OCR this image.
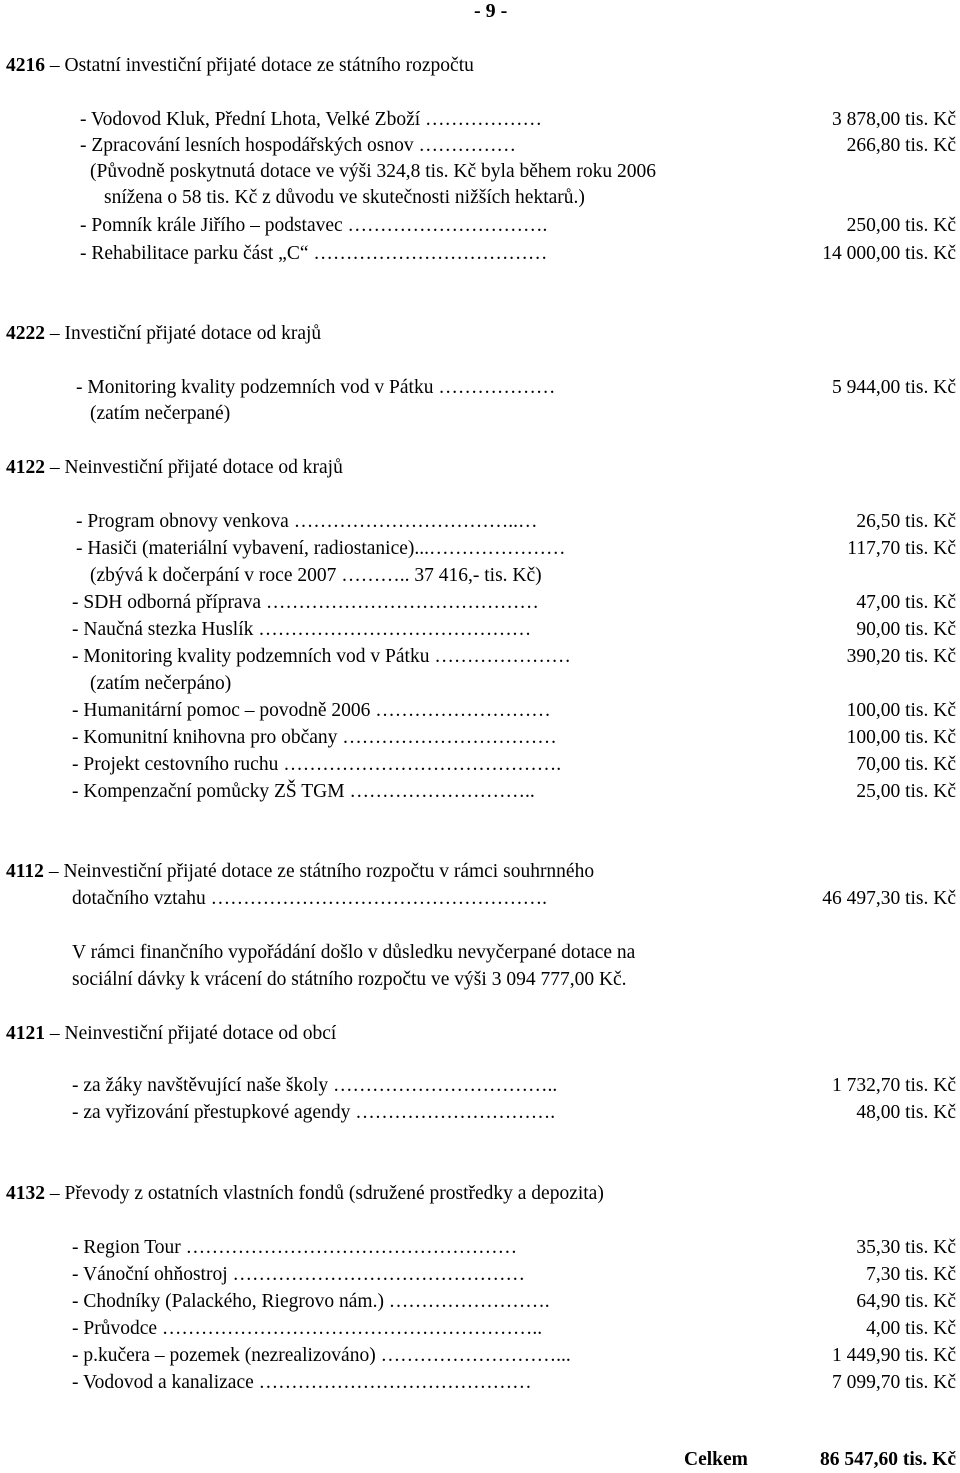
- 9 -
4216 – Ostatní investiční přijaté dotace ze státního rozpočtu
- Vodovod Kluk, Přední Lhota, Velké Zboží ………………	3 878,00 tis. Kč
- Zpracování lesních hospodářských osnov ……………	266,80 tis. Kč
(Původně poskytnutá dotace ve výši 324,8 tis. Kč byla během roku 2006
snížena o 58 tis. Kč z důvodu ve skutečnosti nižších hektarů.)
- Pomník krále Jiřího – podstavec ………………………….	250,00 tis. Kč
- Rehabilitace parku část „C“ ………………………………	14 000,00 tis. Kč
4222 – Investiční přijaté dotace od krajů
- Monitoring kvality podzemních vod v Pátku ………………	5 944,00 tis. Kč
(zatím nečerpané)
4122 – Neinvestiční přijaté dotace od krajů
- Program obnovy venkova ……………………………..…	26,50 tis. Kč
- Hasiči (materiální vybavení, radiostanice)...…………………	117,70 tis. Kč
(zbývá k dočerpání v roce 2007 ……….. 37 416,- tis. Kč)
- SDH odborná příprava ……………………………………	47,00 tis. Kč
- Naučná stezka Huslík ……………………………………	90,00 tis. Kč
- Monitoring kvality podzemních vod v Pátku …………………	390,20 tis. Kč
(zatím nečerpáno)
- Humanitární pomoc – povodně 2006 ………………………	100,00 tis. Kč
- Komunitní knihovna pro občany ……………………………	100,00 tis. Kč
- Projekt cestovního ruchu …………………………………….	70,00 tis. Kč
- Kompenzační pomůcky ZŠ TGM ………………………..	25,00 tis. Kč
4112 – Neinvestiční přijaté dotace ze státního rozpočtu v rámci souhrnného
dotačního vztahu …………………………………………….	46 497,30 tis. Kč
V rámci finančního vypořádání došlo v důsledku nevyčerpané dotace na
sociální dávky k vrácení do státního rozpočtu ve výši 3 094 777,00 Kč.
4121 – Neinvestiční přijaté dotace od obcí
- za žáky navštěvující naše školy ……………………………..	1 732,70 tis. Kč
- za vyřizování přestupkové agendy ………………………….	48,00 tis. Kč
4132 – Převody z ostatních vlastních fondů (sdružené prostředky a depozita)
- Region Tour ……………………………………………	35,30 tis. Kč
- Vánoční ohňostroj ………………………………………	7,30 tis. Kč
- Chodníky (Palackého, Riegrovo nám.) …………………….	64,90 tis. Kč
- Průvodce …………………………………………………..	4,00 tis. Kč
- p.kučera – pozemek (nezrealizováno) ………………………...	1 449,90 tis. Kč
- Vodovod a kanalizace ……………………………………	7 099,70 tis. Kč
Celkem	86 547,60 tis. Kč
